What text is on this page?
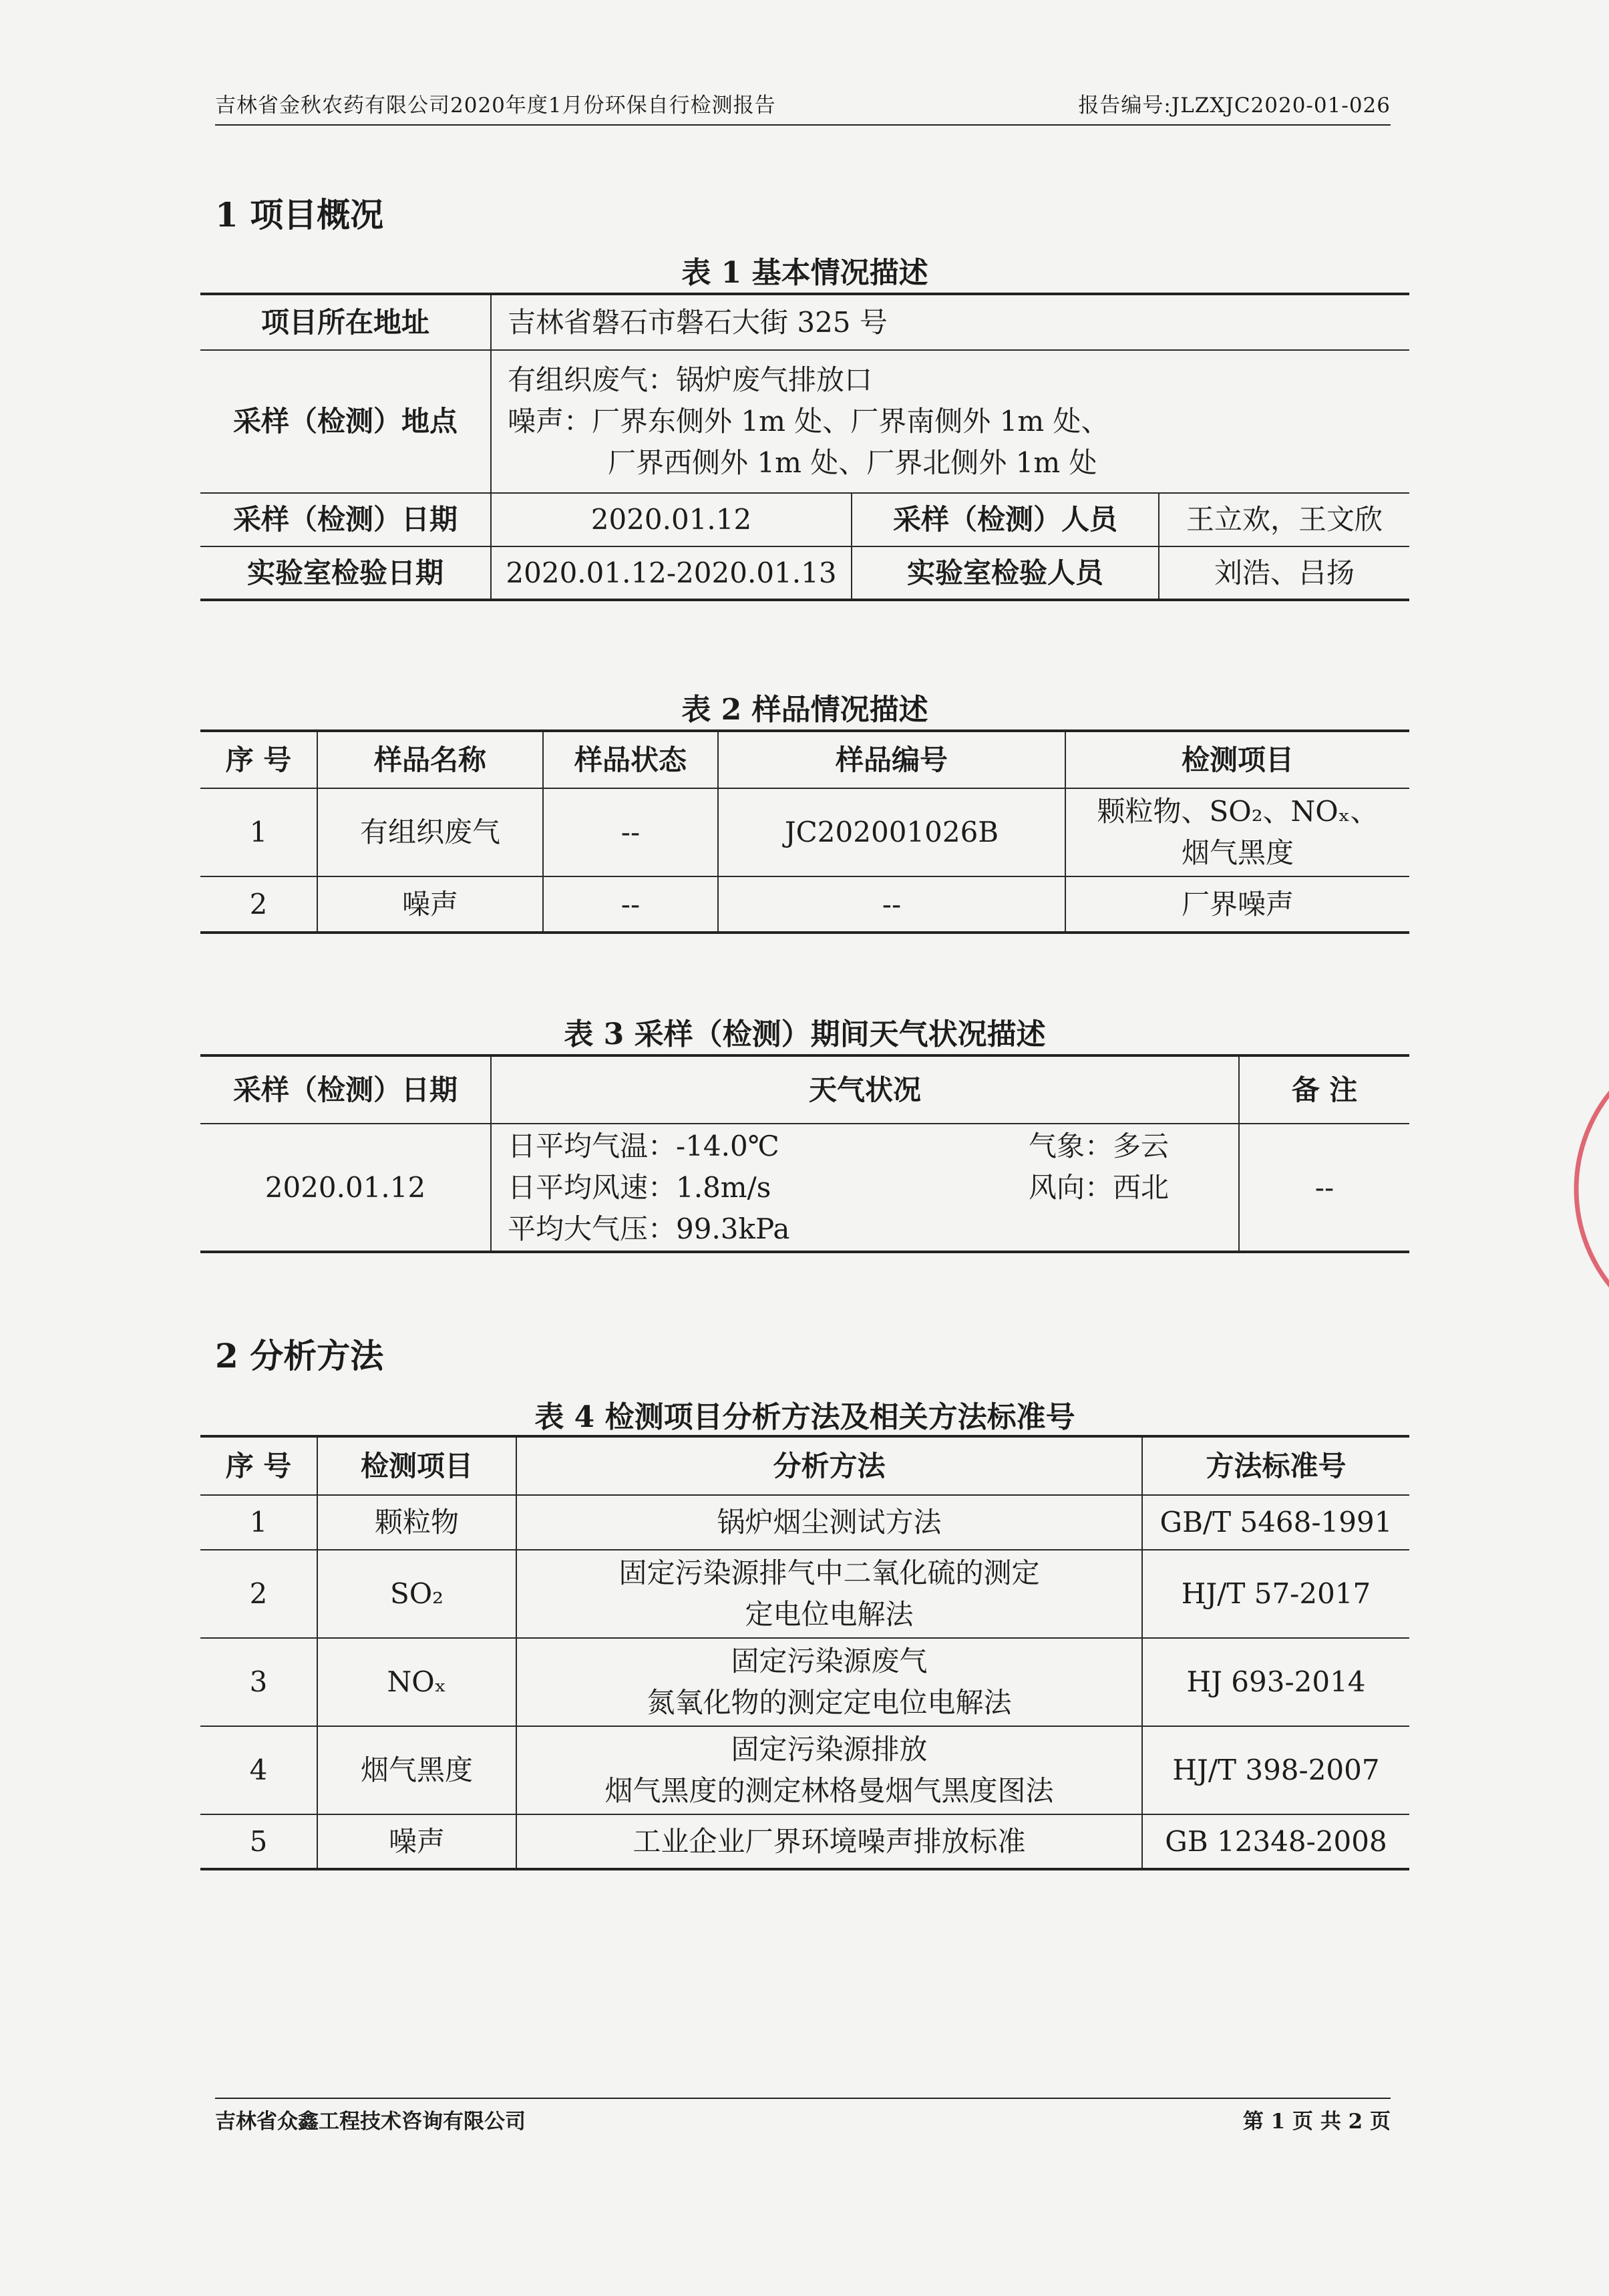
吉林省金秋农药有限公司2020年度1月份环保自行检测报告	报告编号:JLZXJC2020-01-026
1 项目概况
表 1 基本情况描述
项目所在地址	吉林省磐石市磐石大街 325 号		
采样（检测）地点	有组织废气：锅炉废气排放口
噪声：厂界东侧外 1m 处、厂界南侧外 1m 处、
厂界西侧外 1m 处、厂界北侧外 1m 处		

采样（检测）日期	2020.01.12	采样（检测）人员	王立欢，王文欣
实验室检验日期	2020.01.12-2020.01.13	实验室检验人员	刘浩、吕扬
表 2 样品情况描述
序 号	样品名称	样品状态	样品编号	检测项目
1	有组织废气	--	JC202001026B	颗粒物、SO₂、NOₓ、
烟气黑度

2	噪声	--	--	厂界噪声
表 3 采样（检测）期间天气状况描述
采样（检测）日期	天气状况	备 注
2020.01.12	日平均气温：-14.0℃ 气象：多云
日平均风速：1.8m/s 风向：西北
平均大气压：99.3kPa	--
2 分析方法
表 4 检测项目分析方法及相关方法标准号
序 号	检测项目	分析方法	方法标准号
1	颗粒物	锅炉烟尘测试方法	GB/T 5468-1991
2	SO₂	固定污染源排气中二氧化硫的测定
定电位电解法	HJ/T 57-2017
3	NOₓ	固定污染源废气
氮氧化物的测定定电位电解法	HJ 693-2014
4	烟气黑度	固定污染源排放
烟气黑度的测定林格曼烟气黑度图法	HJ/T 398-2007
5	噪声	工业企业厂界环境噪声排放标准	GB 12348-2008
吉林省众鑫工程技术咨询有限公司	第 1 页 共 2 页
